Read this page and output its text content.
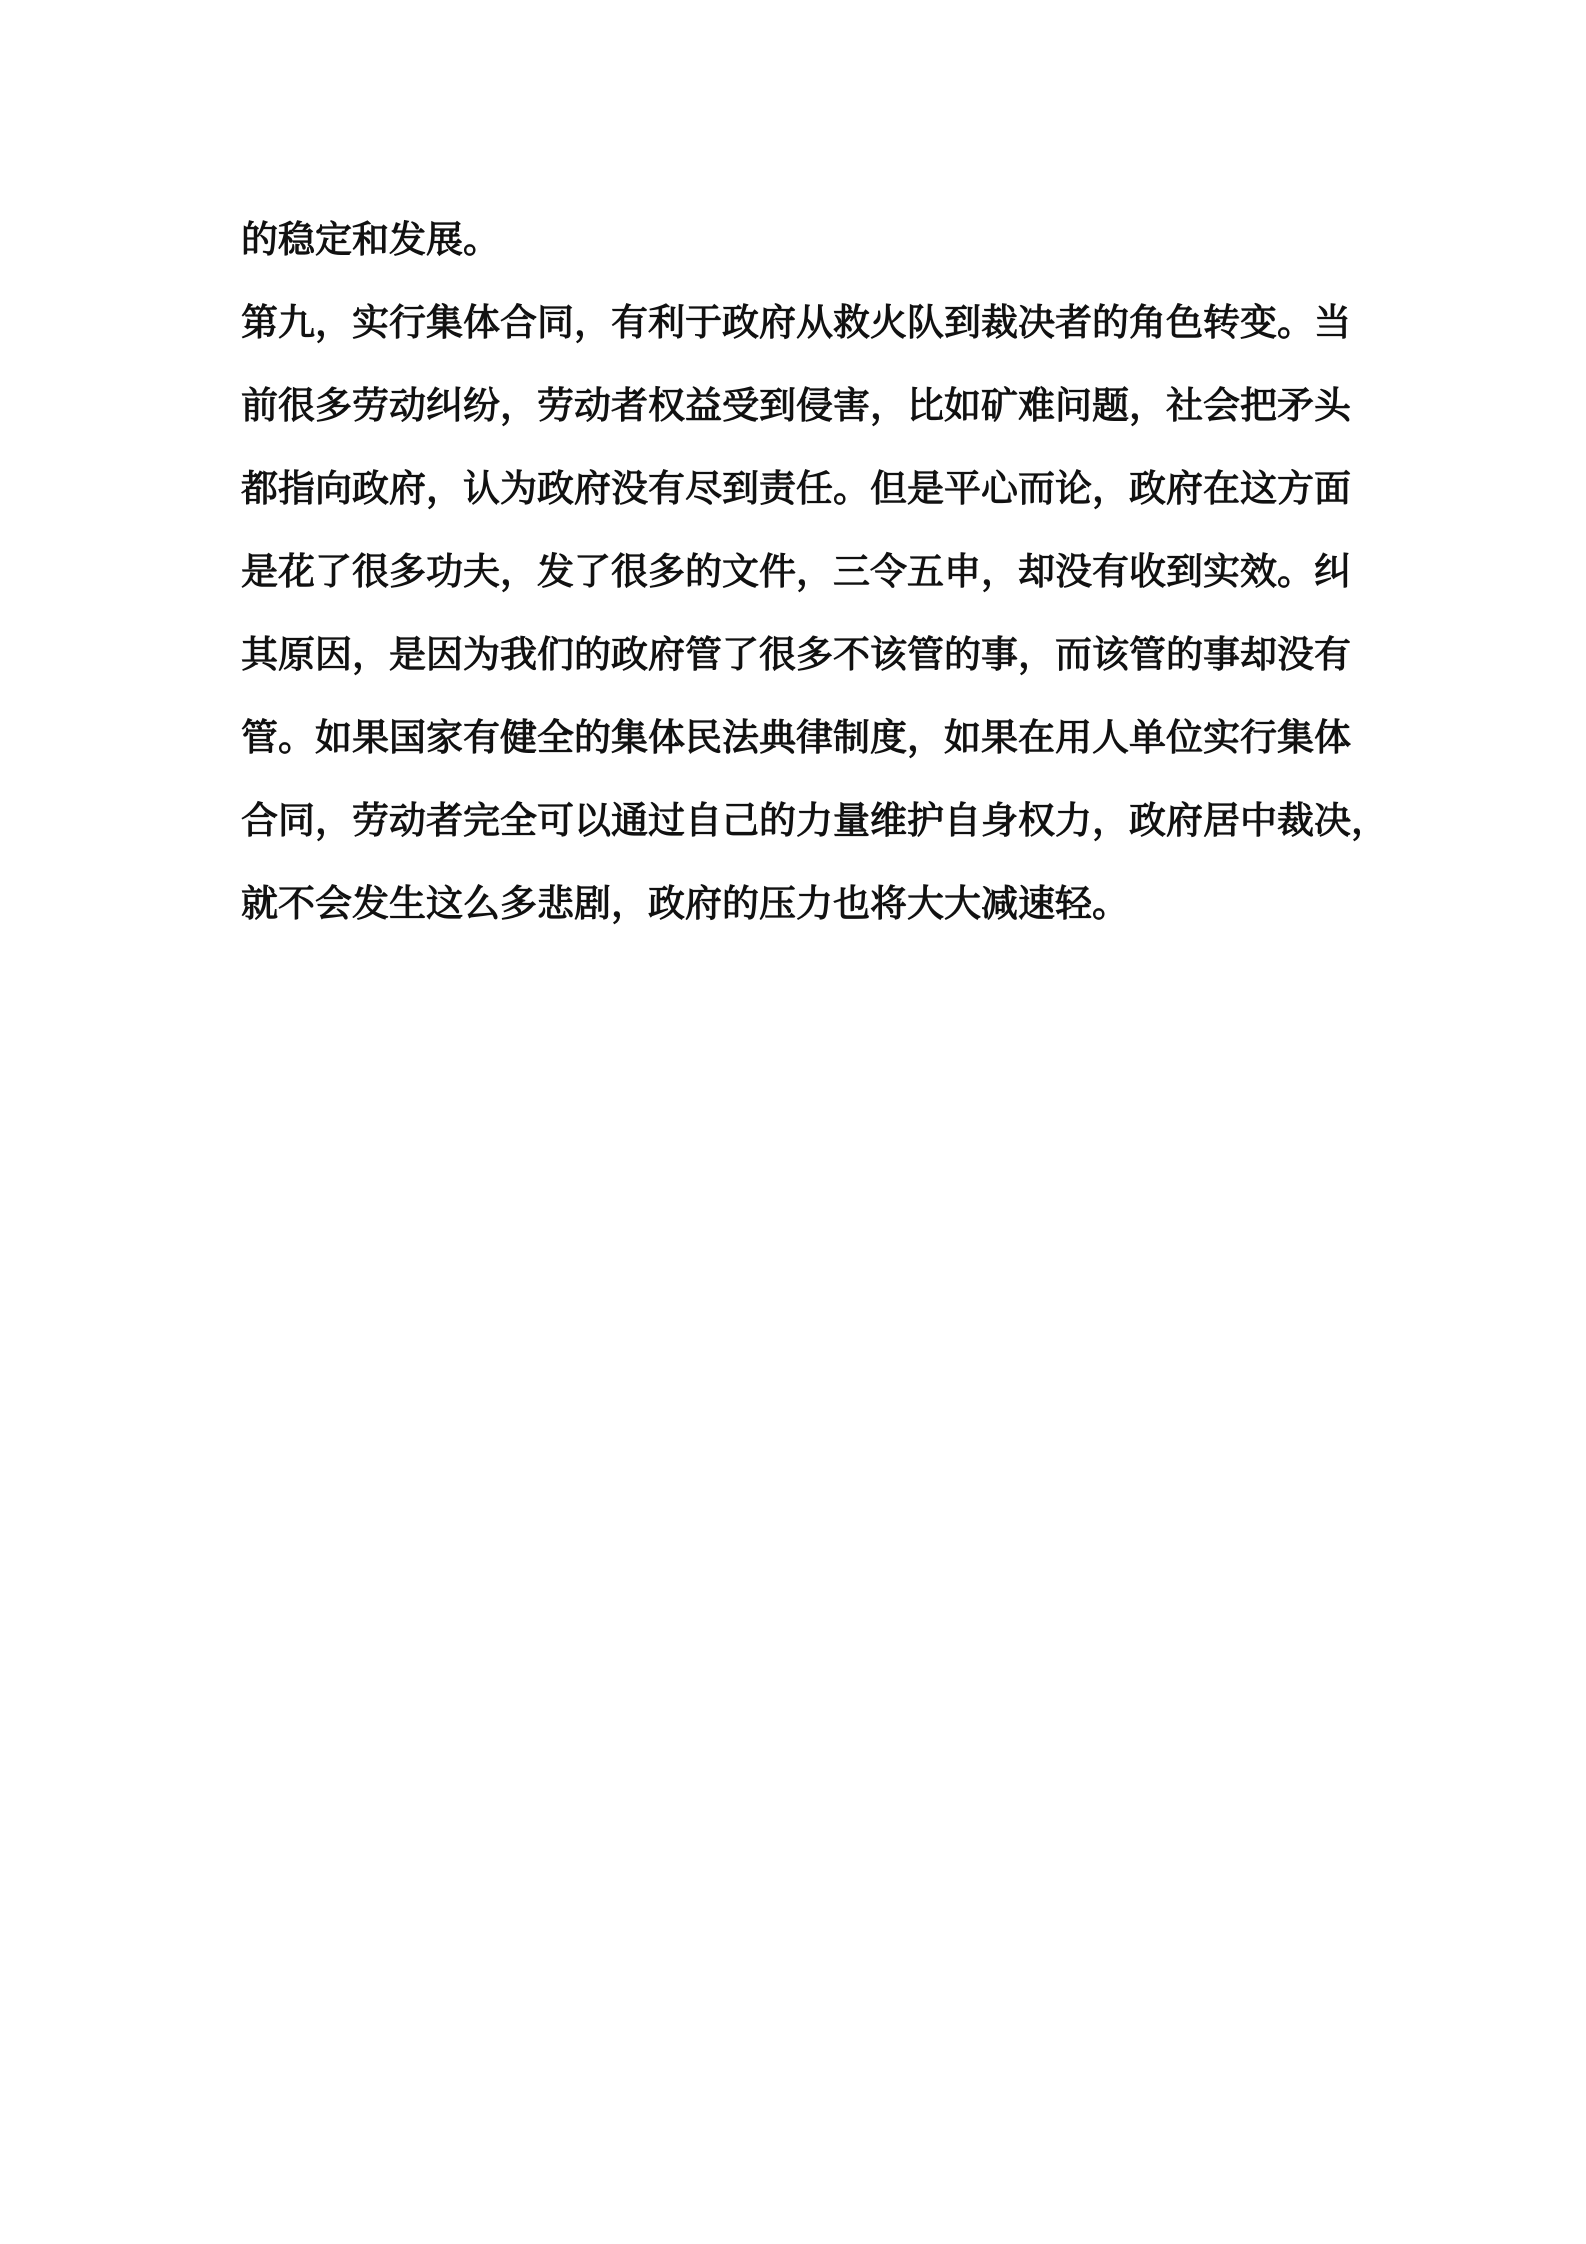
的稳定和发展。
第九，实行集体合同，有利于政府从救火队到裁决者的角色转变。当
前很多劳动纠纷，劳动者权益受到侵害，比如矿难问题，社会把矛头
都指向政府，认为政府没有尽到责任。但是平心而论，政府在这方面
是花了很多功夫，发了很多的文件，三令五申，却没有收到实效。纠
其原因，是因为我们的政府管了很多不该管的事，而该管的事却没有
管。如果国家有健全的集体民法典律制度，如果在用人单位实行集体
合同，劳动者完全可以通过自己的力量维护自身权力，政府居中裁决，
就不会发生这么多悲剧，政府的压力也将大大减速轻。
